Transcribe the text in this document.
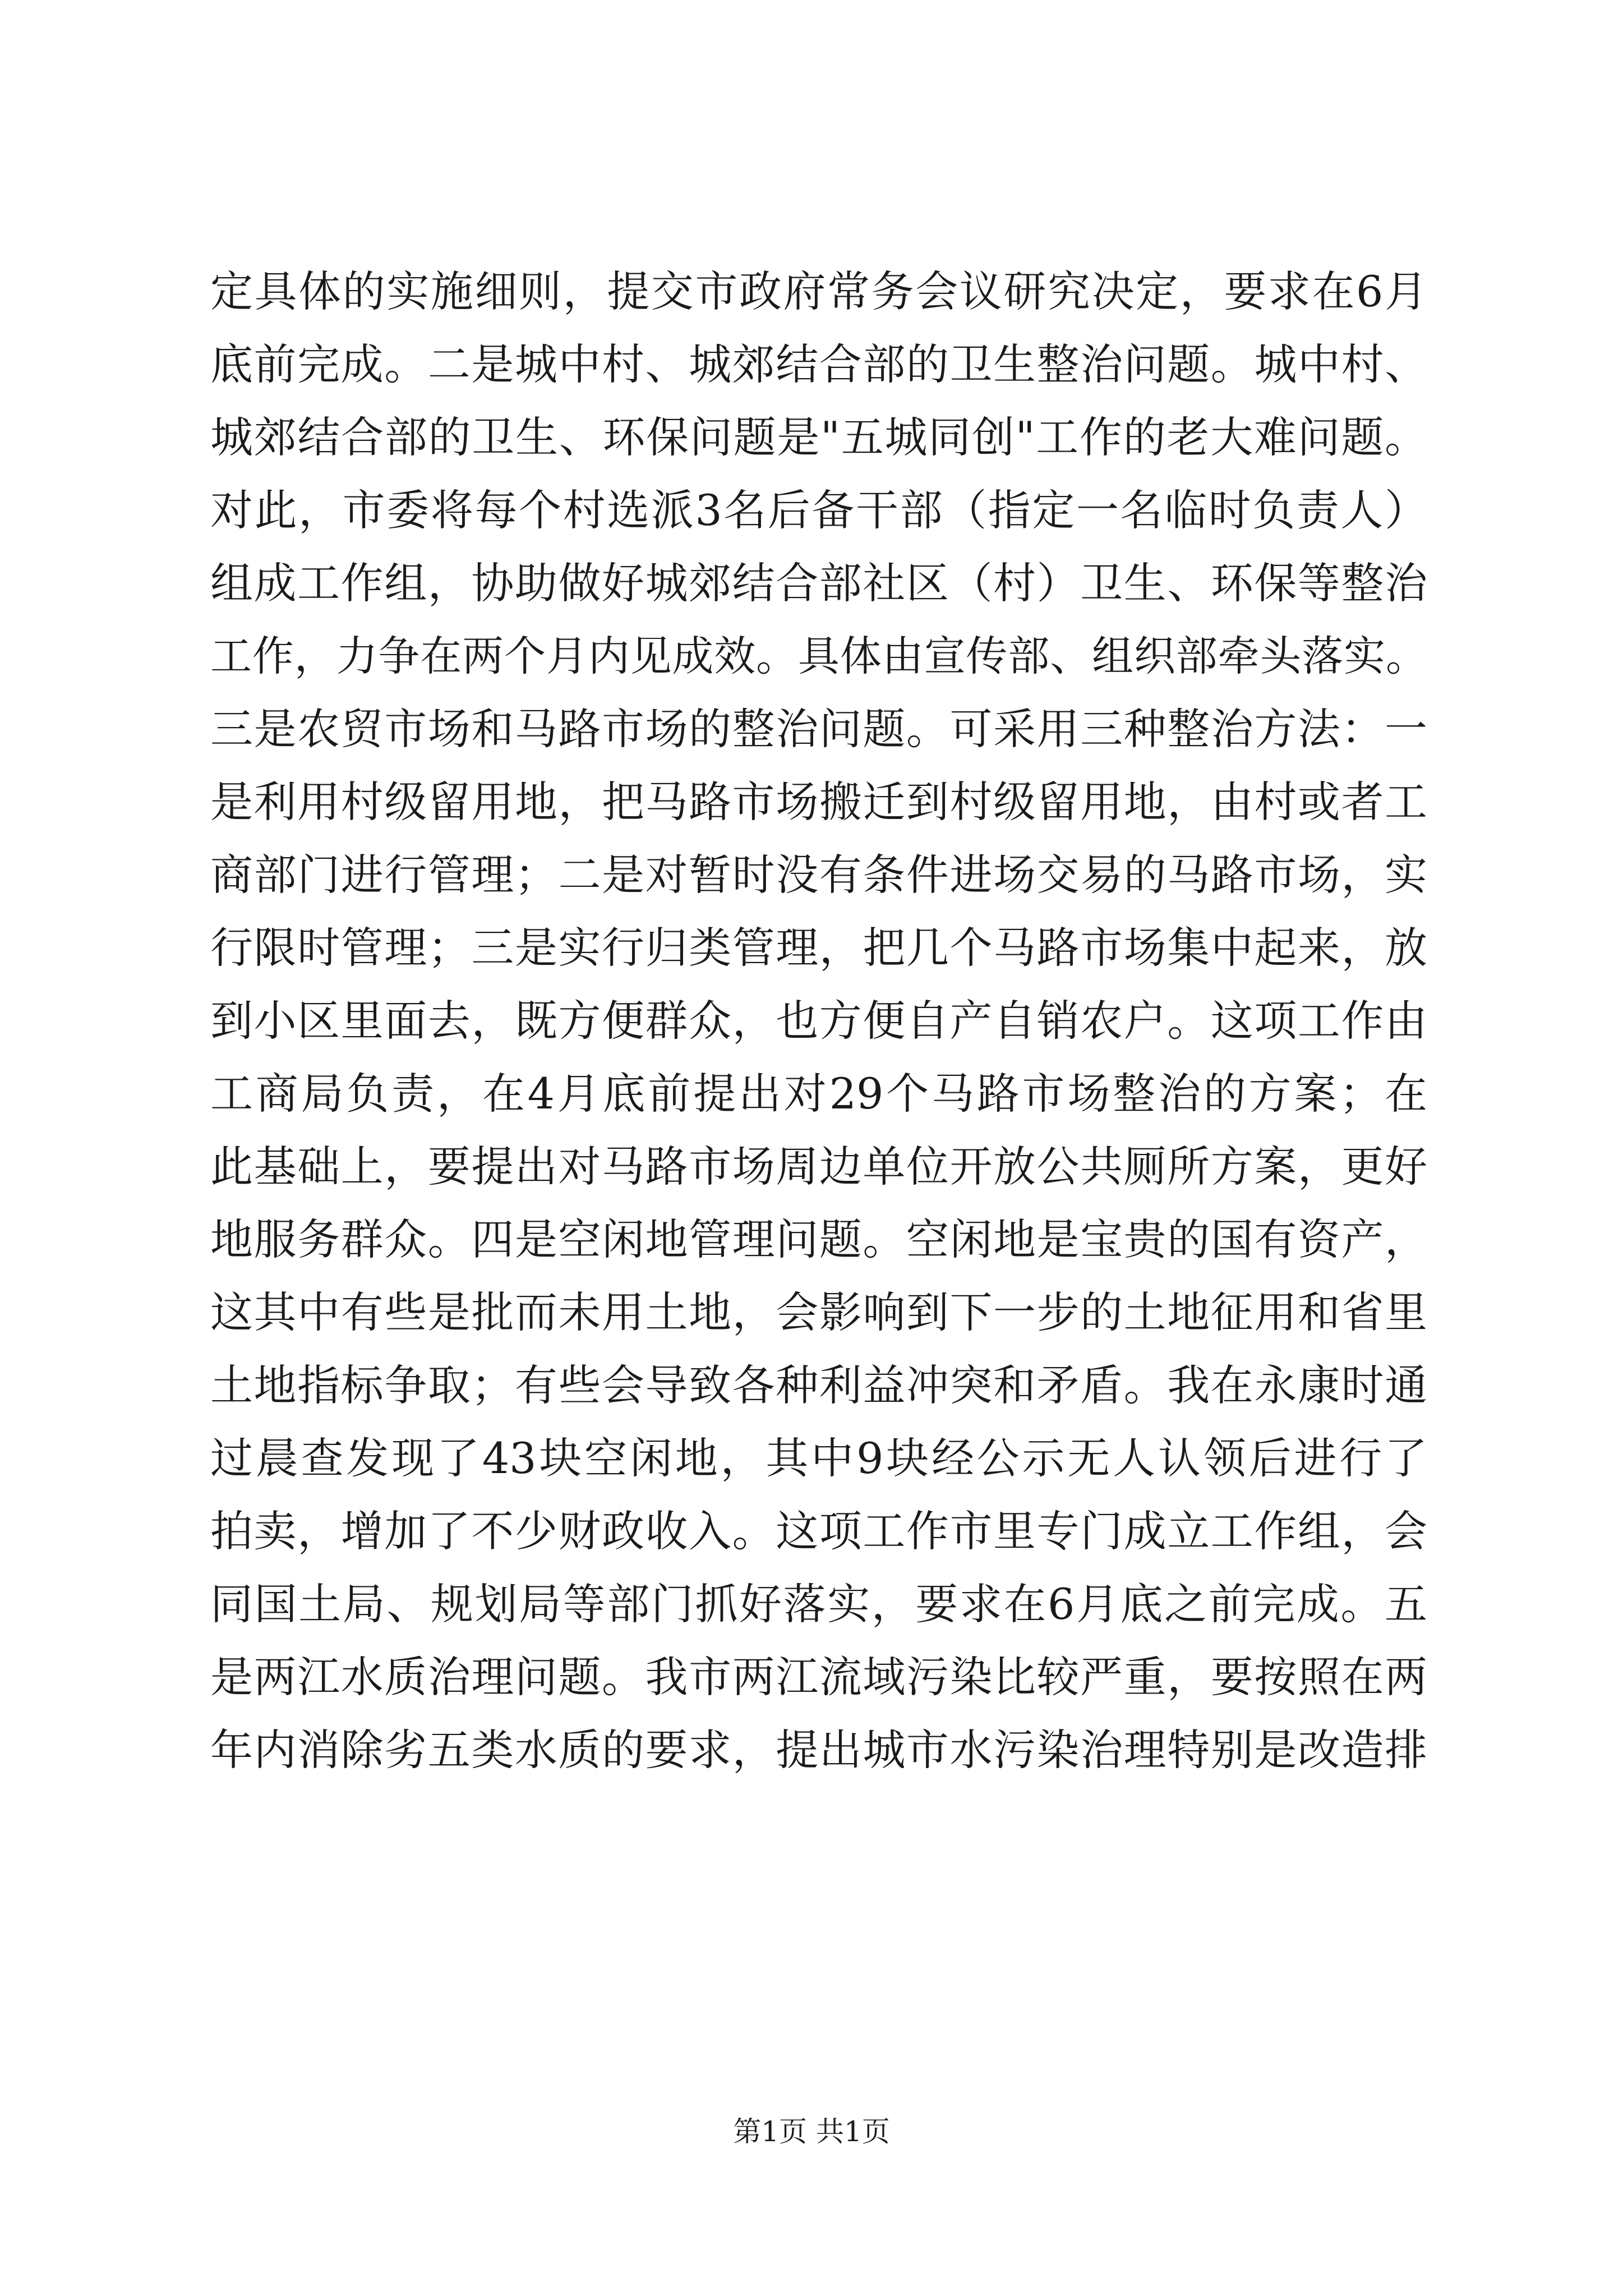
定具体的实施细则，提交市政府常务会议研究决定，要求在6月
底前完成。二是城中村、城郊结合部的卫生整治问题。城中村、
城郊结合部的卫生、环保问题是"五城同创"工作的老大难问题。
对此，市委将每个村选派3名后备干部（指定一名临时负责人）
组成工作组，协助做好城郊结合部社区（村）卫生、环保等整治
工作，力争在两个月内见成效。具体由宣传部、组织部牵头落实。
三是农贸市场和马路市场的整治问题。可采用三种整治方法：一
是利用村级留用地，把马路市场搬迁到村级留用地，由村或者工
商部门进行管理；二是对暂时没有条件进场交易的马路市场，实
行限时管理；三是实行归类管理，把几个马路市场集中起来，放
到小区里面去，既方便群众，也方便自产自销农户。这项工作由
工商局负责，在4月底前提出对29个马路市场整治的方案；在
此基础上，要提出对马路市场周边单位开放公共厕所方案，更好
地服务群众。四是空闲地管理问题。空闲地是宝贵的国有资产，
这其中有些是批而未用土地，会影响到下一步的土地征用和省里
土地指标争取；有些会导致各种利益冲突和矛盾。我在永康时通
过晨查发现了43块空闲地，其中9块经公示无人认领后进行了
拍卖，增加了不少财政收入。这项工作市里专门成立工作组，会
同国土局、规划局等部门抓好落实，要求在6月底之前完成。五
是两江水质治理问题。我市两江流域污染比较严重，要按照在两
年内消除劣五类水质的要求，提出城市水污染治理特别是改造排
第1页 共1页
